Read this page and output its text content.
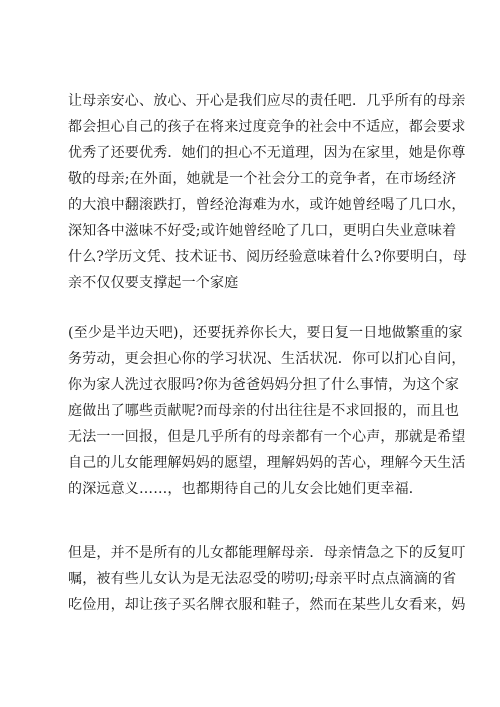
让母亲安心、放心、开心是我们应尽的责任吧．几乎所有的母亲
都会担心自己的孩子在将来过度竞争的社会中不适应，都会要求
优秀了还要优秀．她们的担心不无道理，因为在家里，她是你尊
敬的母亲;在外面，她就是一个社会分工的竞争者，在市场经济
的大浪中翻滚跌打，曾经沧海难为水，或许她曾经喝了几口水，
深知各中滋味不好受;或许她曾经呛了几口，更明白失业意味着
什么?学历文凭、技术证书、阅历经验意味着什么?你要明白，母
亲不仅仅要支撑起一个家庭
(至少是半边天吧)，还要抚养你长大，要日复一日地做繁重的家
务劳动，更会担心你的学习状况、生活状况．你可以扪心自问，
你为家人洗过衣服吗?你为爸爸妈妈分担了什么事情，为这个家
庭做出了哪些贡献呢?而母亲的付出往往是不求回报的，而且也
无法一一回报，但是几乎所有的母亲都有一个心声，那就是希望
自己的儿女能理解妈妈的愿望，理解妈妈的苦心，理解今天生活
的深远意义……，也都期待自己的儿女会比她们更幸福．
但是，并不是所有的儿女都能理解母亲．母亲情急之下的反复叮
嘱，被有些儿女认为是无法忍受的唠叨;母亲平时点点滴滴的省
吃俭用，却让孩子买名牌衣服和鞋子，然而在某些儿女看来，妈
